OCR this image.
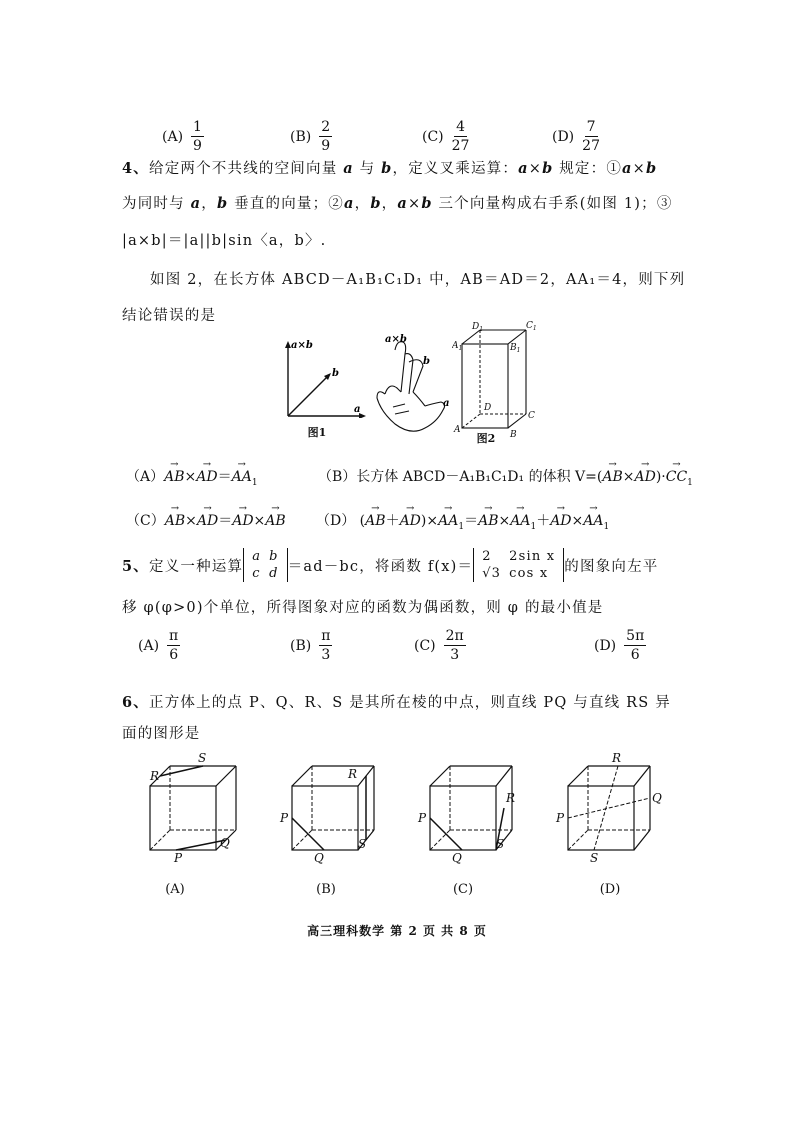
$(A) \frac{1}{9}$	$(B) \frac{2}{9}$	$(C) \frac{4}{27}$	$(D) \frac{7}{27}$
4、给定两个不共线的空间向量 a 与 b，定义叉乘运算：a×b 规定：①a×b
为同时与 a，b 垂直的向量；②a，b，a×b 三个向量构成右手系(如图 1)；③
|a×b|＝|a||b|sin〈a，b〉.
如图 2，在长方体 ABCD－A₁B₁C₁D₁ 中，AB＝AD＝2，AA₁＝4，则下列
结论错误的是
a×b
b
a
图1
a×b
b
a
$D_1$	$C_1$
$A_1$	$B_1$
D
C
A	B
图2
$(A)\to AB\times\to AD=\to AA_1$	（B）长方体 ABCD－A₁B₁C₁D₁ 的体积 $V=(\to AB\times\to AD)\cdot\to CC_1$
（C）→ AB×→ AD＝→ AD×→ AB （D） (→ $AB+\to AD)\times\to AA_1=\to AB\times\to AA_1+\to AD\times\to AA_1$
5、 定义一种运算
a	b
c	d ＝ad－bc，将函数 f(x)＝
2	2sin x
√3	cos x 的图象向左平
移 φ(φ>0)个单位，所得图象对应的函数为偶函数，则 φ 的最小值是
$(A) \frac{\pi}{6}$	$(B) \frac{\pi}{3}$	$(C) \frac{2\pi}{3}$	$(D) \frac{5\pi}{6}$
6、正方体上的点 P、Q、R、S 是其所在棱的中点，则直线 PQ 与直线 RS 异
面的图形是
R
S
P
Q
R
P
Q
S
R
P
Q
S
R
Q
P
S
(A)	(B)	(C)	(D)
高三理科数学 第 2 页 共 8 页
